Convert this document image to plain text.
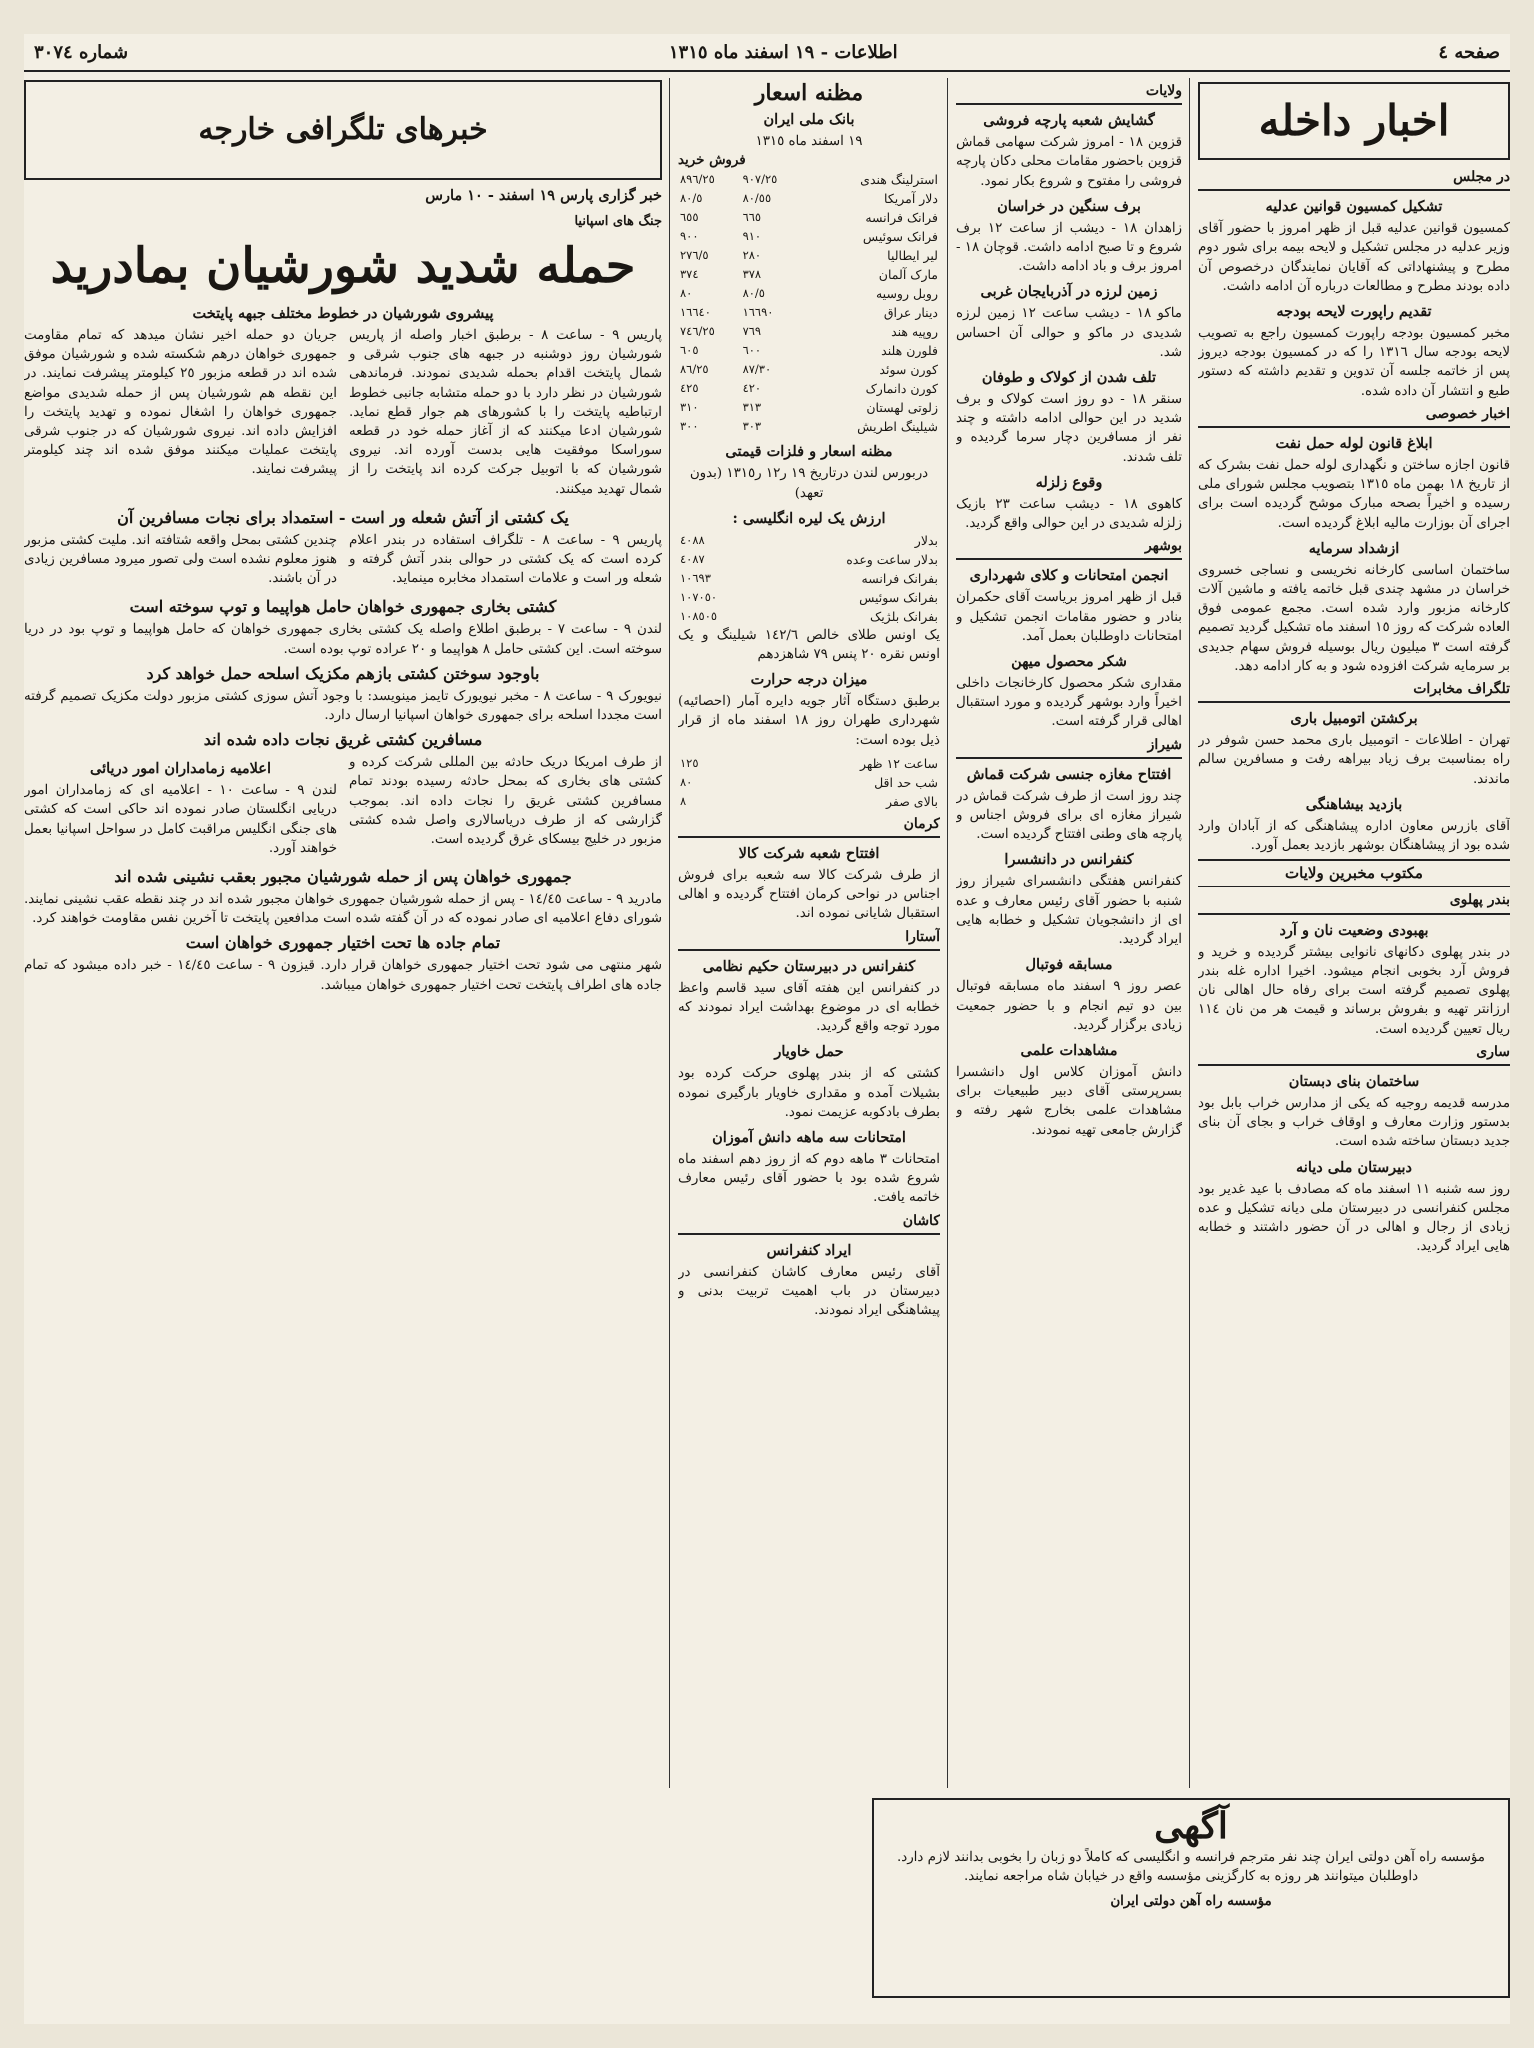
صفحه ٤
اطلاعات - ١٩ اسفند ماه ١٣١٥
شماره ٣٠٧٤
اخبار داخله
در مجلس
تشکیل کمسیون قوانین عدلیه

کمسیون قوانین عدلیه قبل از ظهر امروز با حضور آقای وزیر عدلیه در مجلس تشکیل و لایحه بیمه برای شور دوم مطرح و پیشنهاداتی که آقایان نمایندگان درخصوص آن داده بودند مطرح و مطالعات درباره آن ادامه داشت.

تقدیم راپورت لایحه بودجه

مخبر کمسیون بودجه راپورت کمسیون راجع به تصویب لایحه بودجه سال ١٣١٦ را که در کمسیون بودجه دیروز پس از خاتمه جلسه آن تدوین و تقدیم داشته که دستور طبع و انتشار آن داده شده.

اخبار خصوصی
ابلاغ قانون لوله حمل نفت

قانون اجازه ساختن و نگهداری لوله حمل نفت بشرک که از تاریخ ١٨ بهمن ماه ١٣١٥ بتصویب مجلس شورای ملی رسیده و اخیراً بصحه مبارک موشح گردیده است برای اجرای آن بوزارت مالیه ابلاغ گردیده است.

ازشداد سرمایه

ساختمان اساسی کارخانه نخریسی و نساجی خسروی خراسان در مشهد چندی قبل خاتمه یافته و ماشین آلات کارخانه مزبور وارد شده است. مجمع عمومی فوق العاده شرکت که روز ١٥ اسفند ماه تشکیل گردید تصمیم گرفته است ٣ میلیون ریال بوسیله فروش سهام جدیدی بر سرمایه شرکت افزوده شود و به کار ادامه دهد.

تلگراف مخابرات
برکشتن اتومبیل باری

تهران - اطلاعات - اتومبیل باری محمد حسن شوفر در راه بمناسبت برف زیاد بیراهه رفت و مسافرین سالم ماندند.

بازدید بیشاهنگی

آقای بازرس معاون اداره پیشاهنگی که از آبادان وارد شده بود از پیشاهنگان بوشهر بازدید بعمل آورد.

مکتوب مخبرین ولایات
بندر پهلوی
بهبودی وضعیت نان و آرد

در بندر پهلوی دکانهای نانوایی بیشتر گردیده و خرید و فروش آرد بخوبی انجام میشود. اخیرا اداره غله بندر پهلوی تصمیم گرفته است برای رفاه حال اهالی نان ارزانتر تهیه و بفروش برساند و قیمت هر من نان ١١٤ ریال تعیین گردیده است.

ساری
ساختمان بنای دبستان

مدرسه قدیمه روجیه که یکی از مدارس خراب بابل بود بدستور وزارت معارف و اوقاف خراب و بجای آن بنای جدید دبستان ساخته شده است.

دبیرستان ملی دیانه

روز سه شنبه ١١ اسفند ماه که مصادف با عید غدیر بود مجلس کنفرانسی در دبیرستان ملی دیانه تشکیل و عده زیادی از رجال و اهالی در آن حضور داشتند و خطابه هایی ایراد گردید.

ولایات
گشایش شعبه پارچه فروشی

قزوین ١٨ - امروز شرکت سهامی قماش قزوین باحضور مقامات محلی دکان پارچه فروشی را مفتوح و شروع بکار نمود.

برف سنگین در خراسان

زاهدان ١٨ - دیشب از ساعت ١٢ برف شروع و تا صبح ادامه داشت. قوچان ١٨ - امروز برف و باد ادامه داشت.

زمین لرزه در آذربایجان غربی

ماکو ١٨ - دیشب ساعت ١٢ زمین لرزه شدیدی در ماکو و حوالی آن احساس شد.

تلف شدن از کولاک و طوفان

سنقر ١٨ - دو روز است کولاک و برف شدید در این حوالی ادامه داشته و چند نفر از مسافرین دچار سرما گردیده و تلف شدند.

وقوع زلزله

کاهوی ١٨ - دیشب ساعت ٢٣ بازیک زلزله شدیدی در این حوالی واقع گردید.

بوشهر
انجمن امتحانات و کلای شهرداری

قبل از ظهر امروز بریاست آقای حکمران بنادر و حضور مقامات انجمن تشکیل و امتحانات داوطلبان بعمل آمد.

شکر محصول میهن

مقداری شکر محصول کارخانجات داخلی اخیراً وارد بوشهر گردیده و مورد استقبال اهالی قرار گرفته است.

شیراز
افتتاح مغازه جنسی شرکت قماش

چند روز است از طرف شرکت قماش در شیراز مغازه ای برای فروش اجناس و پارچه های وطنی افتتاح گردیده است.

کنفرانس در دانشسرا

کنفرانس هفتگی دانشسرای شیراز روز شنبه با حضور آقای رئیس معارف و عده ای از دانشجویان تشکیل و خطابه هایی ایراد گردید.

مسابقه فوتبال

عصر روز ٩ اسفند ماه مسابقه فوتبال بین دو تیم انجام و با حضور جمعیت زیادی برگزار گردید.

مشاهدات علمی

دانش آموزان کلاس اول دانشسرا بسرپرستی آقای دبیر طبیعیات برای مشاهدات علمی بخارج شهر رفته و گزارش جامعی تهیه نمودند.

مظنه اسعار
بانک ملی ایران
١٩ اسفند ماه ١٣١٥
فروش خرید
استرلینگ هندی	٩٠٧/٢٥	٨٩٦/٢٥
دلار آمریکا	٨٠/٥٥	٨٠/٥
فرانک فرانسه	٦٦٥	٦٥٥
فرانک سوئیس	٩١٠	٩٠٠
لیر ایطالیا	٢٨٠	٢٧٦/٥
مارک آلمان	٣٧٨	٣٧٤
روبل روسیه	٨٠/٥	٨٠
دینار عراق	١٦٦٩٠	١٦٦٤٠
روپیه هند	٧٦٩	٧٤٦/٢٥
فلورن هلند	٦٠٠	٦٠٥
کورن سوئد	٨٧/٣٠	٨٦/٢٥
کورن دانمارک	٤٢٠	٤٢٥
زلوتی لهستان	٣١٣	٣١٠
شیلینگ اطریش	٣٠٣	٣٠٠
مظنه اسعار و فلزات قیمتی
دربورس لندن درتاریخ ١٩ ر١٢ ر١٣١٥ (بدون تعهد)
ارزش یک لیره انگلیسی :
بدلار	٤٠٨٨
بدلار ساعت وعده	٤٠٨٧
بفرانک فرانسه	١٠٦٩٣
بفرانک سوئیس	١٠٧٠٥٠
بفرانک بلژیک	١٠٨٥٠٥

یک اونس طلای خالص ١٤٢/٦ شیلینگ و یک اونس نقره ٢٠ پنس ٧٩ شاهزدهم

میزان درجه حرارت

برطبق دستگاه آثار جویه دایره آمار (احصائیه) شهرداری طهران روز ١٨ اسفند ماه از قرار ذیل بوده است:

ساعت ١٢ ظهر	١٢٥
شب حد اقل	٨٠
بالای صفر	٨
کرمان
افتتاح شعبه شرکت کالا

از طرف شرکت کالا سه شعبه برای فروش اجناس در نواحی کرمان افتتاح گردیده و اهالی استقبال شایانی نموده اند.

آستارا
کنفرانس در دبیرستان حکیم نظامی

در کنفرانس این هفته آقای سید قاسم واعظ خطابه ای در موضوع بهداشت ایراد نمودند که مورد توجه واقع گردید.

حمل خاویار

کشتی که از بندر پهلوی حرکت کرده بود بشیلات آمده و مقداری خاویار بارگیری نموده بطرف بادکوبه عزیمت نمود.

امتحانات سه ماهه دانش آموزان

امتحانات ٣ ماهه دوم که از روز دهم اسفند ماه شروع شده بود با حضور آقای رئیس معارف خاتمه یافت.

کاشان
ایراد کنفرانس

آقای رئیس معارف کاشان کنفرانسی در دبیرستان در باب اهمیت تربیت بدنی و پیشاهنگی ایراد نمودند.

خبرهای تلگرافی خارجه
خبر گزاری پارس ١٩ اسفند - ١٠ مارس
جنگ های اسپانیا
حمله شدید شورشیان بمادرید
پیشروی شورشیان در خطوط مختلف جبهه پایتخت

پاریس ٩ - ساعت ٨ - برطبق اخبار واصله از پاریس شورشیان روز دوشنبه در جبهه های جنوب شرقی و شمال پایتخت اقدام بحمله شدیدی نمودند. فرماندهی شورشیان در نظر دارد با دو حمله متشابه جانبی خطوط ارتباطیه پایتخت را با کشورهای هم جوار قطع نماید. شورشیان ادعا میکنند که از آغاز حمله خود در قطعه سوراسکا موفقیت هایی بدست آورده اند. نیروی شورشیان که با اتوبیل جرکت کرده اند پایتخت را از شمال تهدید میکنند.

جریان دو حمله اخیر نشان میدهد که تمام مقاومت جمهوری خواهان درهم شکسته شده و شورشیان موفق شده اند در قطعه مزبور ٢٥ کیلومتر پیشرفت نمایند. در این نقطه هم شورشیان پس از حمله شدیدی مواضع جمهوری خواهان را اشغال نموده و تهدید پایتخت را افزایش داده اند. نیروی شورشیان که در جنوب شرقی پایتخت عملیات میکنند موفق شده اند چند کیلومتر پیشرفت نمایند.

یک کشتی از آتش شعله ور است - استمداد برای نجات مسافرین آن

پاریس ٩ - ساعت ٨ - تلگراف استفاده در بندر اعلام کرده است که یک کشتی در حوالی بندر آتش گرفته و شعله ور است و علامات استمداد مخابره مینماید.

چندین کشتی بمحل واقعه شتافته اند. ملیت کشتی مزبور هنوز معلوم نشده است ولی تصور میرود مسافرین زیادی در آن باشند.

کشتی بخاری جمهوری خواهان حامل هواپیما و توپ سوخته است

لندن ٩ - ساعت ٧ - برطبق اطلاع واصله یک کشتی بخاری جمهوری خواهان که حامل هواپیما و توپ بود در دریا سوخته است. این کشتی حامل ٨ هواپیما و ٢٠ عراده توپ بوده است.

باوجود سوختن کشتی بازهم مکزیک اسلحه حمل خواهد کرد

نیویورک ٩ - ساعت ٨ - مخبر نیویورک تایمز مینویسد: با وجود آتش سوزی کشتی مزبور دولت مکزیک تصمیم گرفته است مجددا اسلحه برای جمهوری خواهان اسپانیا ارسال دارد.

مسافرین کشتی غریق نجات داده شده اند

از طرف امریکا دریک حادثه بین المللی شرکت کرده و کشتی های بخاری که بمحل حادثه رسیده بودند تمام مسافرین کشتی غریق را نجات داده اند. بموجب گزارشی که از طرف دریاسالاری واصل شده کشتی مزبور در خلیج بیسکای غرق گردیده است.

اعلامیه زمامداران امور دریائی

لندن ٩ - ساعت ١٠ - اعلامیه ای که زمامداران امور دریایی انگلستان صادر نموده اند حاکی است که کشتی های جنگی انگلیس مراقبت کامل در سواحل اسپانیا بعمل خواهند آورد.

جمهوری خواهان پس از حمله شورشیان مجبور بعقب نشینی شده اند

مادرید ٩ - ساعت ١٤/٤٥ - پس از حمله شورشیان جمهوری خواهان مجبور شده اند در چند نقطه عقب نشینی نمایند. شورای دفاع اعلامیه ای صادر نموده که در آن گفته شده است مدافعین پایتخت تا آخرین نفس مقاومت خواهند کرد.

تمام جاده ها تحت اختیار جمهوری خواهان است

شهر منتهی می شود تحت اختیار جمهوری خواهان قرار دارد. قیزون ٩ - ساعت ١٤/٤٥ - خبر داده میشود که تمام جاده های اطراف پایتخت تحت اختیار جمهوری خواهان میباشد.

آگهی
مؤسسه راه آهن دولتی ایران چند نفر مترجم فرانسه و انگلیسی که کاملاً دو زبان را بخوبی بدانند لازم دارد. داوطلبان میتوانند هر روزه به کارگزینی مؤسسه واقع در خیابان شاه مراجعه نمایند.
مؤسسه راه آهن دولتی ایران
